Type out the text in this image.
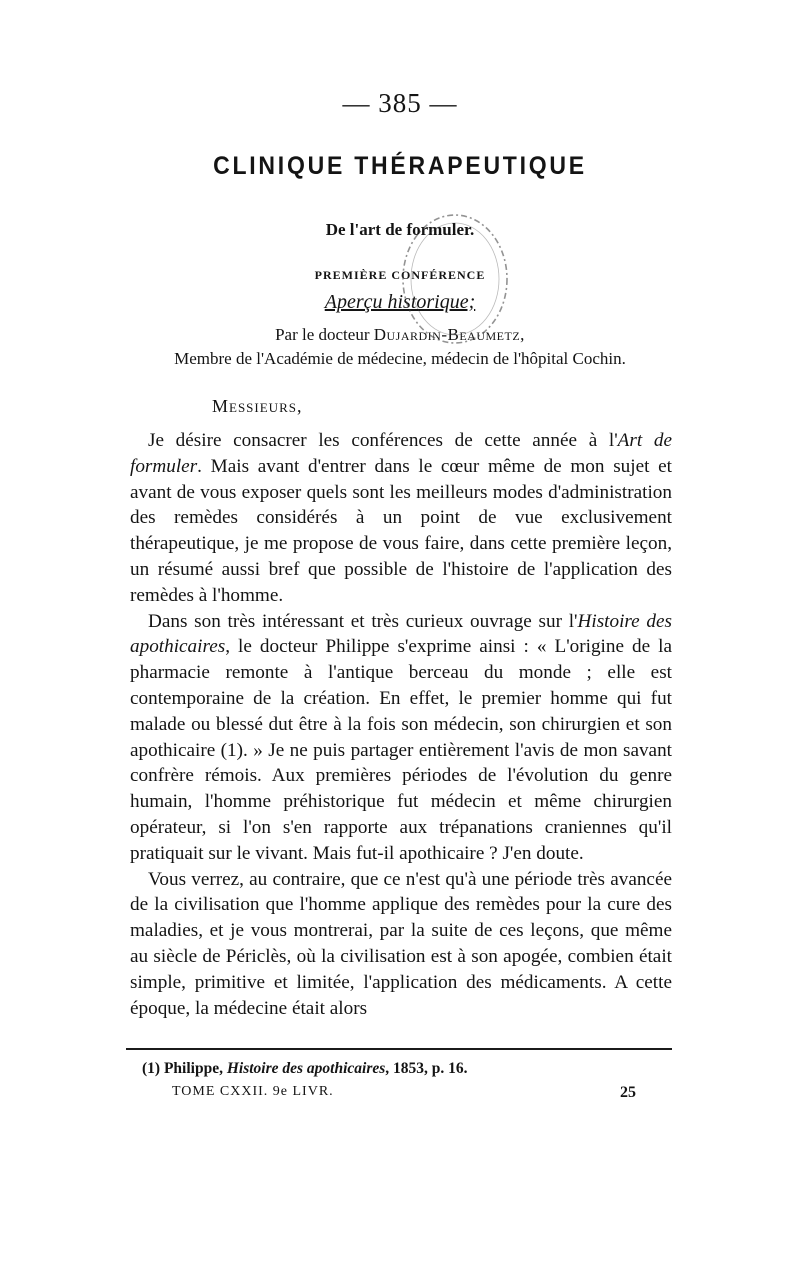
— 385 —
CLINIQUE THÉRAPEUTIQUE
De l'art de formuler.
PREMIÈRE CONFÉRENCE
Aperçu historique;
Par le docteur Dujardin-Beaumetz,
Membre de l'Académie de médecine, médecin de l'hôpital Cochin.
Messieurs,

Je désire consacrer les conférences de cette année à l'Art de formuler. Mais avant d'entrer dans le cœur même de mon sujet et avant de vous exposer quels sont les meilleurs modes d'administration des remèdes considérés à un point de vue exclusivement thérapeutique, je me propose de vous faire, dans cette première leçon, un résumé aussi bref que possible de l'histoire de l'application des remèdes à l'homme.

Dans son très intéressant et très curieux ouvrage sur l'Histoire des apothicaires, le docteur Philippe s'exprime ainsi : « L'origine de la pharmacie remonte à l'antique berceau du monde ; elle est contemporaine de la création. En effet, le premier homme qui fut malade ou blessé dut être à la fois son médecin, son chirurgien et son apothicaire (1). » Je ne puis partager entièrement l'avis de mon savant confrère rémois. Aux premières périodes de l'évolution du genre humain, l'homme préhistorique fut médecin et même chirurgien opérateur, si l'on s'en rapporte aux trépanations craniennes qu'il pratiquait sur le vivant. Mais fut-il apothicaire ? J'en doute.

Vous verrez, au contraire, que ce n'est qu'à une période très avancée de la civilisation que l'homme applique des remèdes pour la cure des maladies, et je vous montrerai, par la suite de ces leçons, que même au siècle de Périclès, où la civilisation est à son apogée, combien était simple, primitive et limitée, l'application des médicaments. A cette époque, la médecine était alors

(1) Philippe, Histoire des apothicaires, 1853, p. 16.
TOME CXXII. 9e LIVR.	25
